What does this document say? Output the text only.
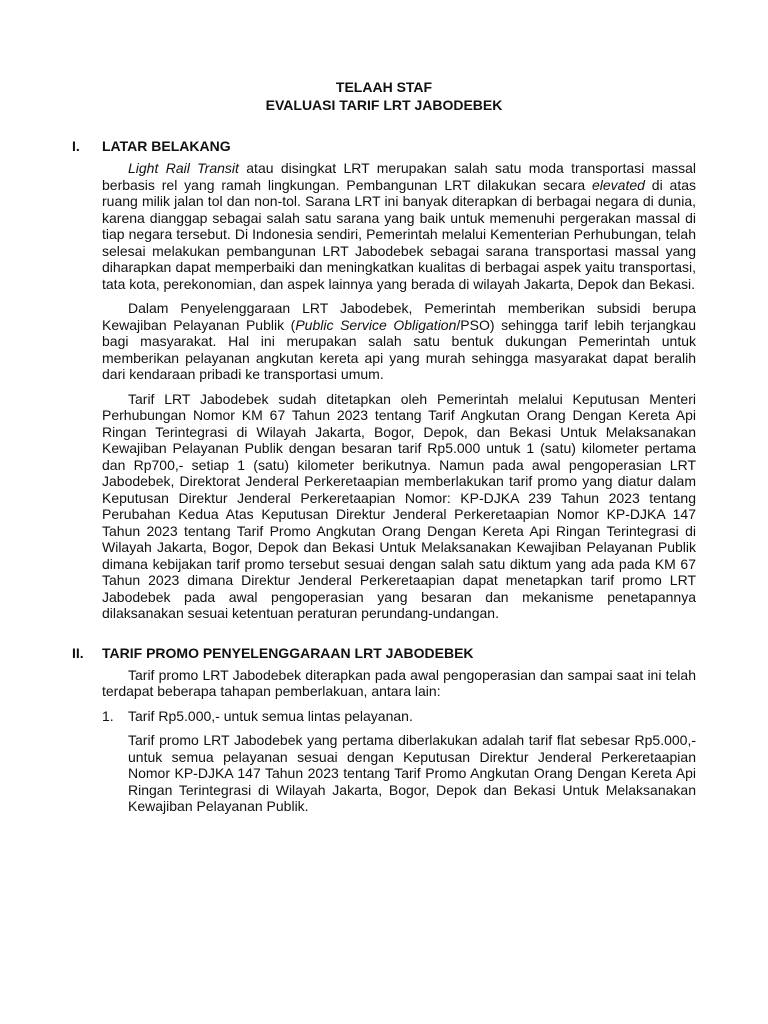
TELAAH STAF
EVALUASI TARIF LRT JABODEBEK
I.	LATAR BELAKANG

Light Rail Transit atau disingkat LRT merupakan salah satu moda transportasi massal berbasis rel yang ramah lingkungan. Pembangunan LRT dilakukan secara elevated di atas ruang milik jalan tol dan non-tol. Sarana LRT ini banyak diterapkan di berbagai negara di dunia, karena dianggap sebagai salah satu sarana yang baik untuk memenuhi pergerakan massal di tiap negara tersebut. Di Indonesia sendiri, Pemerintah melalui Kementerian Perhubungan, telah selesai melakukan pembangunan LRT Jabodebek sebagai sarana transportasi massal yang diharapkan dapat memperbaiki dan meningkatkan kualitas di berbagai aspek yaitu transportasi, tata kota, perekonomian, dan aspek lainnya yang berada di wilayah Jakarta, Depok dan Bekasi.

Dalam Penyelenggaraan LRT Jabodebek, Pemerintah memberikan subsidi berupa Kewajiban Pelayanan Publik (Public Service Obligation/PSO) sehingga tarif lebih terjangkau bagi masyarakat. Hal ini merupakan salah satu bentuk dukungan Pemerintah untuk memberikan pelayanan angkutan kereta api yang murah sehingga masyarakat dapat beralih dari kendaraan pribadi ke transportasi umum.

Tarif LRT Jabodebek sudah ditetapkan oleh Pemerintah melalui Keputusan Menteri Perhubungan Nomor KM 67 Tahun 2023 tentang Tarif Angkutan Orang Dengan Kereta Api Ringan Terintegrasi di Wilayah Jakarta, Bogor, Depok, dan Bekasi Untuk Melaksanakan Kewajiban Pelayanan Publik dengan besaran tarif Rp5.000 untuk 1 (satu) kilometer pertama dan Rp700,- setiap 1 (satu) kilometer berikutnya. Namun pada awal pengoperasian LRT Jabodebek, Direktorat Jenderal Perkeretaapian memberlakukan tarif promo yang diatur dalam Keputusan Direktur Jenderal Perkeretaapian Nomor: KP-DJKA 239 Tahun 2023 tentang Perubahan Kedua Atas Keputusan Direktur Jenderal Perkeretaapian Nomor KP-DJKA 147 Tahun 2023 tentang Tarif Promo Angkutan Orang Dengan Kereta Api Ringan Terintegrasi di Wilayah Jakarta, Bogor, Depok dan Bekasi Untuk Melaksanakan Kewajiban Pelayanan Publik dimana kebijakan tarif promo tersebut sesuai dengan salah satu diktum yang ada pada KM 67 Tahun 2023 dimana Direktur Jenderal Perkeretaapian dapat menetapkan tarif promo LRT Jabodebek pada awal pengoperasian yang besaran dan mekanisme penetapannya dilaksanakan sesuai ketentuan peraturan perundang-undangan.

II.	TARIF PROMO PENYELENGGARAAN LRT JABODEBEK

Tarif promo LRT Jabodebek diterapkan pada awal pengoperasian dan sampai saat ini telah terdapat beberapa tahapan pemberlakuan, antara lain:

1.	Tarif Rp5.000,- untuk semua lintas pelayanan.

Tarif promo LRT Jabodebek yang pertama diberlakukan adalah tarif flat sebesar Rp5.000,- untuk semua pelayanan sesuai dengan Keputusan Direktur Jenderal Perkeretaapian Nomor KP-DJKA 147 Tahun 2023 tentang Tarif Promo Angkutan Orang Dengan Kereta Api Ringan Terintegrasi di Wilayah Jakarta, Bogor, Depok dan Bekasi Untuk Melaksanakan Kewajiban Pelayanan Publik.
